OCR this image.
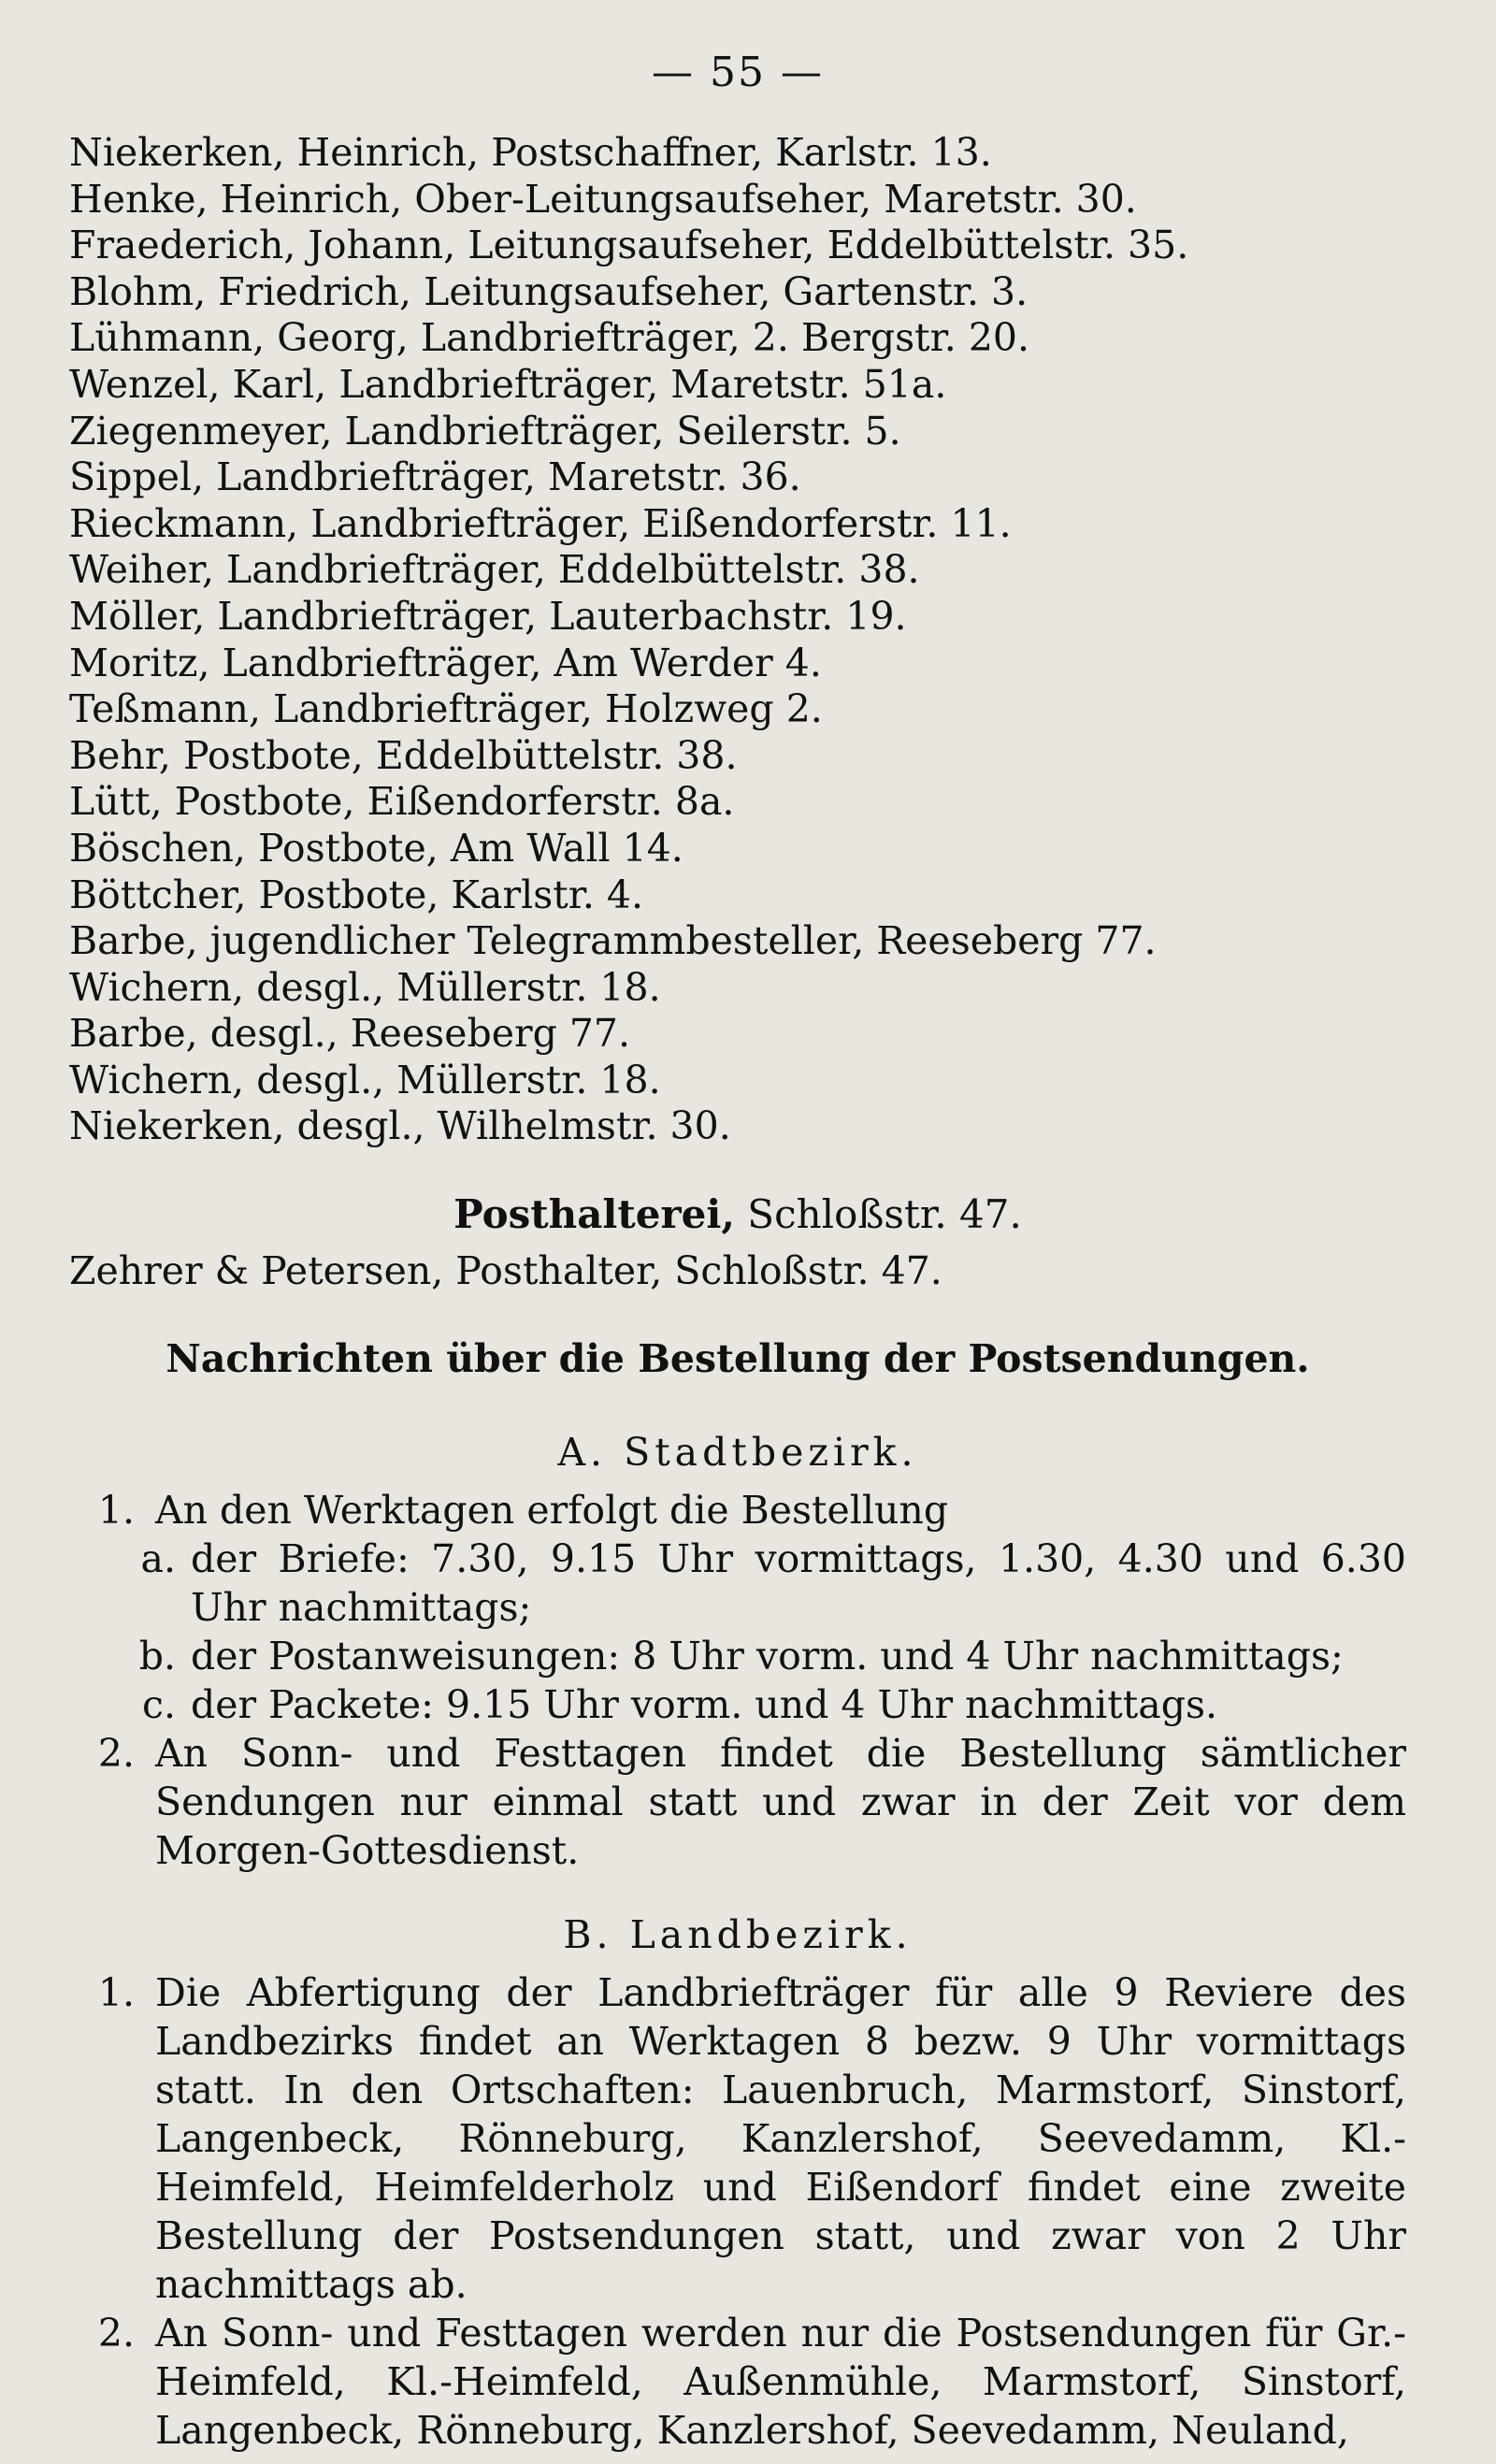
— 55 —
Niekerken, Heinrich, Postschaffner, Karlstr. 13.
Henke, Heinrich, Ober-Leitungsaufseher, Maretstr. 30.
Fraederich, Johann, Leitungsaufseher, Eddelbüttelstr. 35.
Blohm, Friedrich, Leitungsaufseher, Gartenstr. 3.
Lühmann, Georg, Landbriefträger, 2. Bergstr. 20.
Wenzel, Karl, Landbriefträger, Maretstr. 51a.
Ziegenmeyer, Landbriefträger, Seilerstr. 5.
Sippel, Landbriefträger, Maretstr. 36.
Rieckmann, Landbriefträger, Eißendorferstr. 11.
Weiher, Landbriefträger, Eddelbüttelstr. 38.
Möller, Landbriefträger, Lauterbachstr. 19.
Moritz, Landbriefträger, Am Werder 4.
Teßmann, Landbriefträger, Holzweg 2.
Behr, Postbote, Eddelbüttelstr. 38.
Lütt, Postbote, Eißendorferstr. 8a.
Böschen, Postbote, Am Wall 14.
Böttcher, Postbote, Karlstr. 4.
Barbe, jugendlicher Telegrammbesteller, Reeseberg 77.
Wichern, desgl., Müllerstr. 18.
Barbe, desgl., Reeseberg 77.
Wichern, desgl., Müllerstr. 18.
Niekerken, desgl., Wilhelmstr. 30.
Posthalterei, Schloßstr. 47.
Zehrer & Petersen, Posthalter, Schloßstr. 47.
Nachrichten über die Bestellung der Postsendungen.
A. Stadtbezirk.
1. An den Werktagen erfolgt die Bestellung
a. der Briefe: 7.30, 9.15 Uhr vormittags, 1.30, 4.30 und 6.30 Uhr nachmittags;
b. der Postanweisungen: 8 Uhr vorm. und 4 Uhr nachmittags;
c. der Packete: 9.15 Uhr vorm. und 4 Uhr nachmittags.
2. An Sonn- und Festtagen findet die Bestellung sämtlicher Sendungen nur einmal statt und zwar in der Zeit vor dem Morgen-Gottesdienst.
B. Landbezirk.
1. Die Abfertigung der Landbriefträger für alle 9 Reviere des Landbezirks findet an Werktagen 8 bezw. 9 Uhr vormittags statt. In den Ortschaften: Lauenbruch, Marmstorf, Sinstorf, Langenbeck, Rönneburg, Kanzlershof, Seevedamm, Kl.-Heimfeld, Heimfelderholz und Eißendorf findet eine zweite Bestellung der Postsendungen statt, und zwar von 2 Uhr nachmittags ab.
2. An Sonn- und Festtagen werden nur die Postsendungen für Gr.-Heimfeld, Kl.-Heimfeld, Außenmühle, Marmstorf, Sinstorf, Langenbeck, Rönneburg, Kanzlershof, Seevedamm, Neuland,
